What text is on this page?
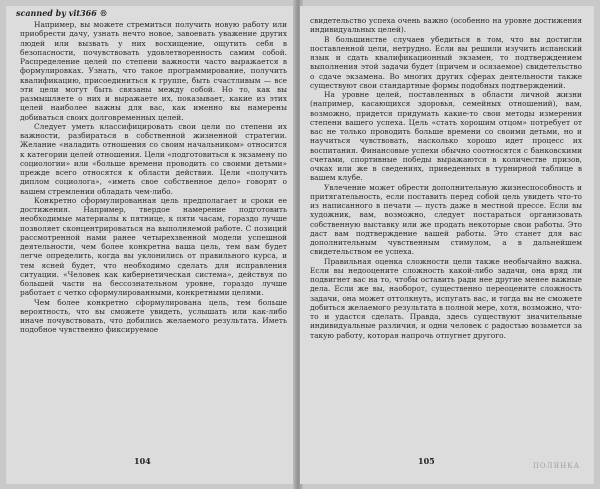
scanned by vit366 ®

Например, вы можете стремиться получить новую работу или приобрести дачу, узнать нечто новое, завоевать уважение других людей или вызвать у них восхищение, ощутить себя в безопасности, почувствовать удовлетворенность самим собой. Распределение целей по степени важности часто выражается в формулировках. Узнать, что такое программирование, получить квалификацию, присоединиться к группе, быть счастливым — все эти цели могут быть связаны между собой. Но то, как вы размышляете о них и выражаете их, показывает, какие из этих целей наиболее важны для вас, как именно вы намерены добиваться своих долговременных целей.

Следует уметь классифицировать свои цели по степени их важности, разбираться в собственной жизненной стратегии. Желание «наладить отношения со своим начальником» относится к категории целей отношения. Цели «подготовиться к экзамену по социологии» или «больше времени проводить со своими детьми» прежде всего относятся к области действия. Цели «получить диплом социолога», «иметь свое собственное дело» говорят о вашем стремлении обладать чем-либо.

Конкретно сформулированная цель предполагает и сроки ее достижения. Например, твердое намерение подготовить необходимые материалы к пятнице, к пяти часам, гораздо лучше позволяет сконцентрироваться на выполняемой работе. С позиций рассмотренной нами ранее четырехзвенной модели успешной деятельности, чем более конкретна ваша цель, тем вам будет легче определить, когда вы уклонились от правильного курса, и тем ясней будет, что необходимо сделать для исправления ситуации. «Человек как кибернетическая система», действуя по большей части на бессознательном уровне, гораздо лучше работает с четко сформулированными, конкретными целями.

Чем более конкретно сформулирована цель, тем больше вероятность, что вы сможете увидеть, услышать или как-либо иначе почувствовать, что добились желаемого результата. Иметь подобное чувственно фиксируемое

104

свидетельство успеха очень важно (особенно на уровне достижения индивидуальных целей).

В большинстве случаев убедиться в том, что вы достигли поставленной цели, нетрудно. Если вы решили изучить испанский язык и сдать квалификационный экзамен, то подтверждением выполнения этой задачи будет (причем и осязаемое) свидетельство о сдаче экзамена. Во многих других сферах деятельности также существуют свои стандартные формы подобных подтверждений.

На уровне целей, поставленных в области личной жизни (например, касающихся здоровья, семейных отношений), вам, возможно, придется придумать какие-то свои методы измерения степени вашего успеха. Цель «стать хорошим отцом» потребует от вас не только проводить больше времени со своими детьми, но и научиться чувствовать, насколько хорошо идет процесс их воспитания. Финансовые успехи обычно соотносятся с банковскими счетами, спортивные победы выражаются в количестве призов, очках или же в сведениях, приведенных в турнирной таблице в вашем клубе.

Увлечение может обрести дополнительную жизнеспособность и притягательность, если поставить перед собой цель увидеть что-то из написанного в печати — пусть даже в местной прессе. Если вы художник, вам, возможно, следует постараться организовать собственную выставку или же продать некоторые свои работы. Это даст вам подтверждение вашей работы. Это станет для вас дополнительным чувственным стимулом, а в дальнейшем свидетельством ее успеха.

Правильная оценка сложности цели также необычайно важна. Если вы недооцените сложность какой-либо задачи, она вряд ли подвигнет вас на то, чтобы оставить ради нее другие менее важные дела. Если же вы, наоборот, существенно переоцените сложность задачи, она может оттолкнуть, испугать вас, и тогда вы не сможете добиться желаемого результата в полной мере, хотя, возможно, что-то и удастся сделать. Правда, здесь существуют значительные индивидуальные различия, и одни человек с радостью возьмется за такую работу, которая напрочь отпугнет другого.

105	ПОЛЯНКА
